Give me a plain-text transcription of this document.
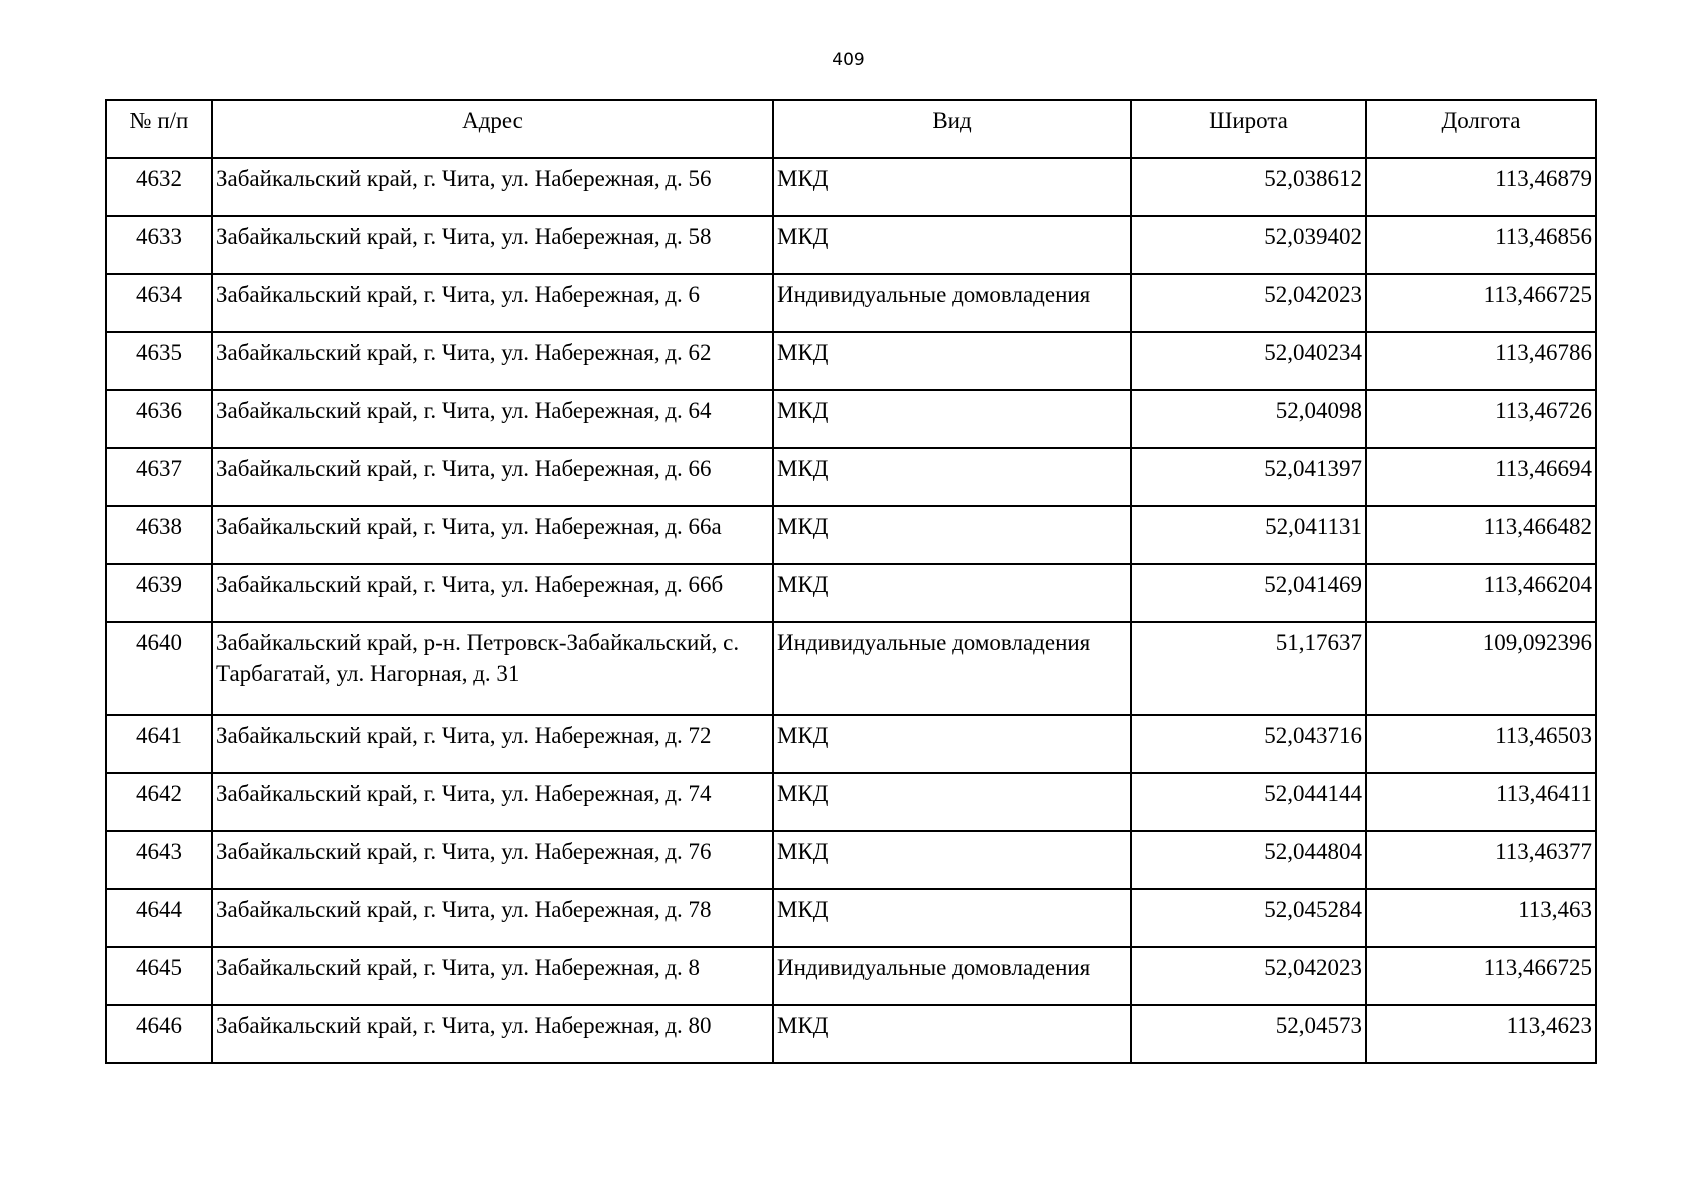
409
№ п/п	Адрес	Вид	Широта	Долгота
4632	Забайкальский край, г. Чита, ул. Набережная, д. 56	МКД	52,038612	113,46879
4633	Забайкальский край, г. Чита, ул. Набережная, д. 58	МКД	52,039402	113,46856
4634	Забайкальский край, г. Чита, ул. Набережная, д. 6	Индивидуальные домовладения	52,042023	113,466725
4635	Забайкальский край, г. Чита, ул. Набережная, д. 62	МКД	52,040234	113,46786
4636	Забайкальский край, г. Чита, ул. Набережная, д. 64	МКД	52,04098	113,46726
4637	Забайкальский край, г. Чита, ул. Набережная, д. 66	МКД	52,041397	113,46694
4638	Забайкальский край, г. Чита, ул. Набережная, д. 66а	МКД	52,041131	113,466482
4639	Забайкальский край, г. Чита, ул. Набережная, д. 66б	МКД	52,041469	113,466204
4640	Забайкальский край, р-н. Петровск-Забайкальский, с. Тарбагатай, ул. Нагорная, д. 31	Индивидуальные домовладения	51,17637	109,092396
4641	Забайкальский край, г. Чита, ул. Набережная, д. 72	МКД	52,043716	113,46503
4642	Забайкальский край, г. Чита, ул. Набережная, д. 74	МКД	52,044144	113,46411
4643	Забайкальский край, г. Чита, ул. Набережная, д. 76	МКД	52,044804	113,46377
4644	Забайкальский край, г. Чита, ул. Набережная, д. 78	МКД	52,045284	113,463
4645	Забайкальский край, г. Чита, ул. Набережная, д. 8	Индивидуальные домовладения	52,042023	113,466725
4646	Забайкальский край, г. Чита, ул. Набережная, д. 80	МКД	52,04573	113,4623
